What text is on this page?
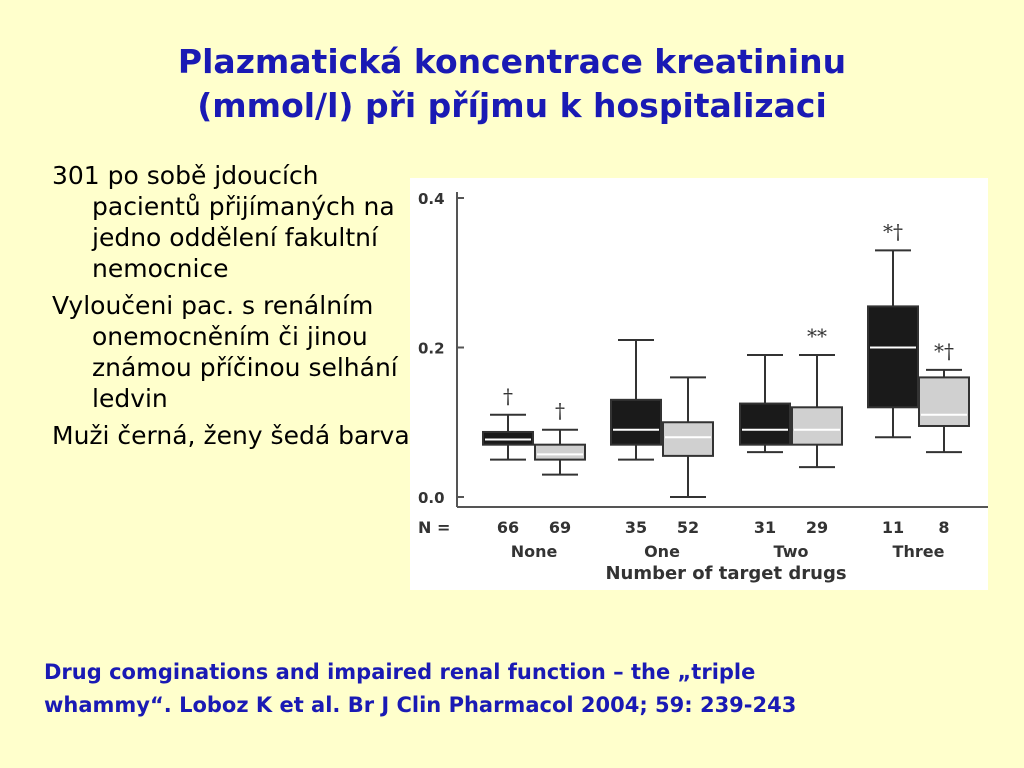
Plazmatická koncentrace kreatininu
(mmol/l) při příjmu k hospitalizaci
301 po sobě jdoucích pacientů přijímaných na jedno oddělení fakultní nemocnice
Vyloučeni pac. s renálním onemocněním či jinou známou příčinou selhání ledvin
Muži černá, ženy šedá barva
0.0
0.2
0.4
†
66
†
69
None
35 52
One
31
**
29
Two
*†
11
*†
8
Three
N =
Number of target drugs
Drug comginations and impaired renal function – the „triple
whammy“. Loboz K et al. Br J Clin Pharmacol 2004; 59: 239-243
